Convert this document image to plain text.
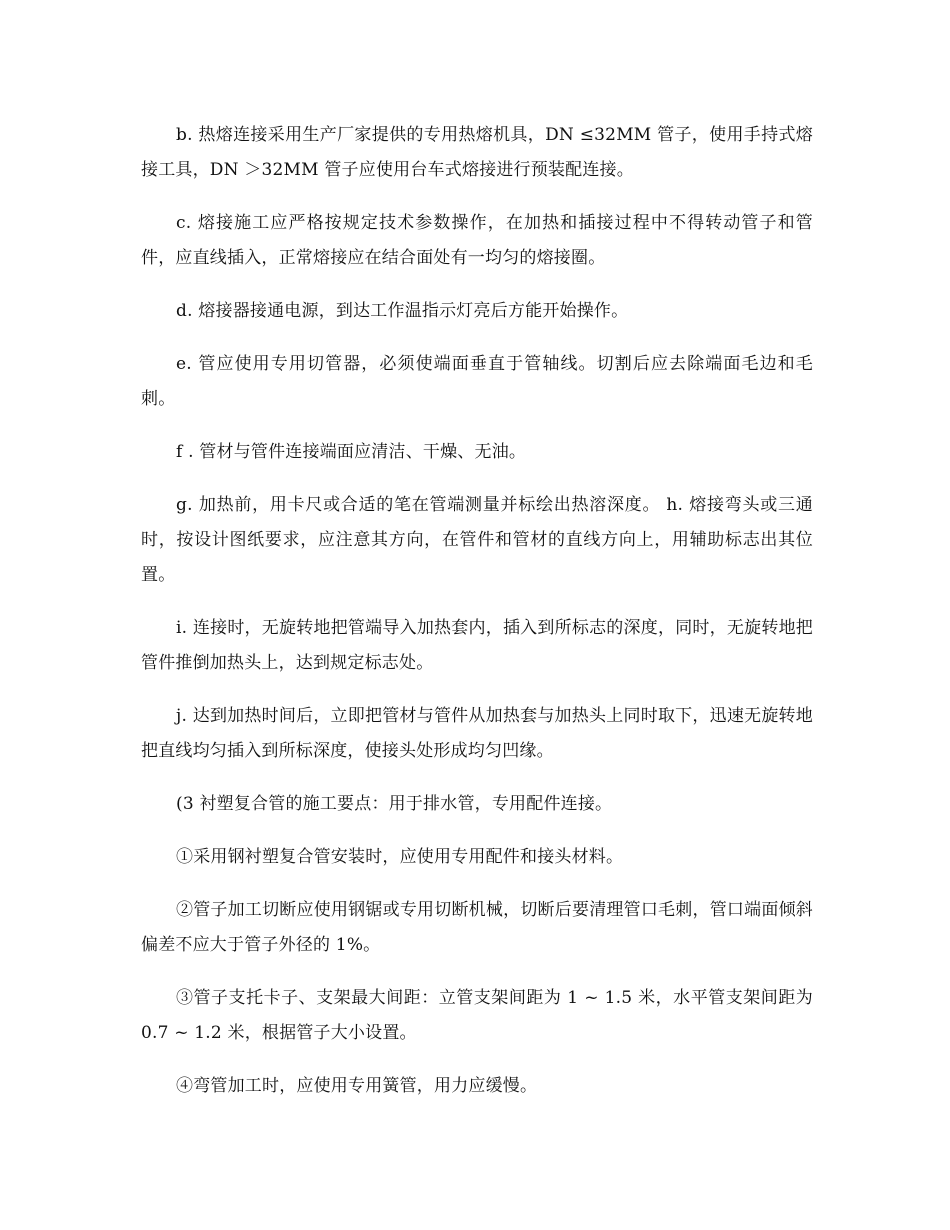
b. 热熔连接采用生产厂家提供的专用热熔机具，DN ≤32MM 管子，使用手持式熔接工具，DN ＞32MM 管子应使用台车式熔接进行预装配连接。

c. 熔接施工应严格按规定技术参数操作，在加热和插接过程中不得转动管子和管件，应直线插入，正常熔接应在结合面处有一均匀的熔接圈。

d. 熔接器接通电源，到达工作温指示灯亮后方能开始操作。

e. 管应使用专用切管器，必须使端面垂直于管轴线。切割后应去除端面毛边和毛刺。

f . 管材与管件连接端面应清洁、干燥、无油。

g. 加热前，用卡尺或合适的笔在管端测量并标绘出热溶深度。 h. 熔接弯头或三通时，按设计图纸要求，应注意其方向，在管件和管材的直线方向上，用辅助标志出其位置。

i. 连接时，无旋转地把管端导入加热套内，插入到所标志的深度，同时，无旋转地把管件推倒加热头上，达到规定标志处。

j. 达到加热时间后，立即把管材与管件从加热套与加热头上同时取下，迅速无旋转地把直线均匀插入到所标深度，使接头处形成均匀凹缘。

(3 衬塑复合管的施工要点：用于排水管，专用配件连接。

①采用钢衬塑复合管安装时，应使用专用配件和接头材料。

②管子加工切断应使用钢锯或专用切断机械，切断后要清理管口毛刺，管口端面倾斜偏差不应大于管子外径的 1%。

③管子支托卡子、支架最大间距：立管支架间距为 1 ~ 1.5 米，水平管支架间距为 0.7 ~ 1.2 米，根据管子大小设置。

④弯管加工时，应使用专用簧管，用力应缓慢。
